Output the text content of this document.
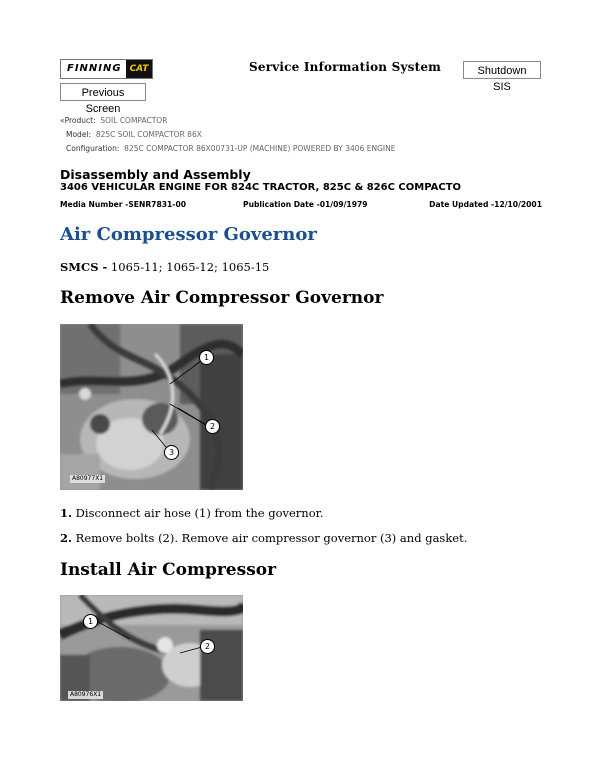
FINNING CAT	Service Information System	Shutdown SIS
Previous Screen
«Product: SOIL COMPACTOR
Model: 825C SOIL COMPACTOR 86X
Configuration: 825C COMPACTOR 86X00731-UP (MACHINE) POWERED BY 3406 ENGINE
Disassembly and Assembly
3406 VEHICULAR ENGINE FOR 824C TRACTOR, 825C & 826C COMPACTO
Media Number -SENR7831-00	Publication Date -01/09/1979	Date Updated -12/10/2001
Air Compressor Governor
SMCS - 1065-11; 1065-12; 1065-15
Remove Air Compressor Governor
1
2
3
A80977X1
1. Disconnect air hose (1) from the governor.
2. Remove bolts (2). Remove air compressor governor (3) and gasket.
Install Air Compressor
1
2
A80976X1
